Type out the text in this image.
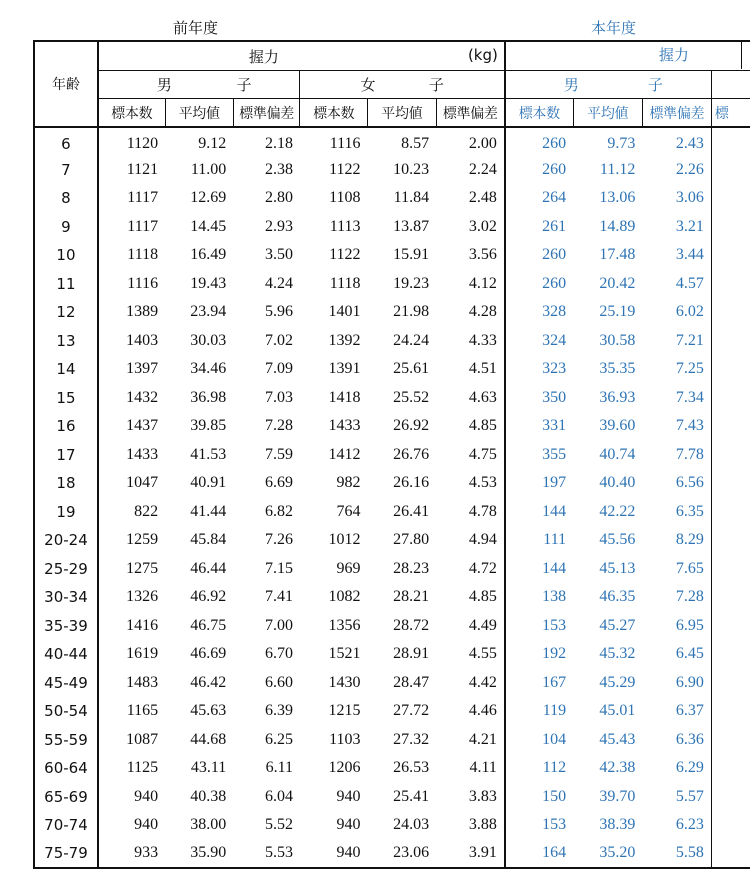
前年度	本年度
年齢	握力 (kg)						握力			

	男 子			女 子			男 子			

	標本数	平均値	標準偏差	標本数	平均値	標準偏差	標本数	平均値	標準偏差	標
6	1120	9.12	2.18	1116	8.57	2.00	260	9.73	2.43	
7	1121	11.00	2.38	1122	10.23	2.24	260	11.12	2.26	
8	1117	12.69	2.80	1108	11.84	2.48	264	13.06	3.06	
9	1117	14.45	2.93	1113	13.87	3.02	261	14.89	3.21	
10	1118	16.49	3.50	1122	15.91	3.56	260	17.48	3.44	
11	1116	19.43	4.24	1118	19.23	4.12	260	20.42	4.57	
12	1389	23.94	5.96	1401	21.98	4.28	328	25.19	6.02	
13	1403	30.03	7.02	1392	24.24	4.33	324	30.58	7.21	
14	1397	34.46	7.09	1391	25.61	4.51	323	35.35	7.25	
15	1432	36.98	7.03	1418	25.52	4.63	350	36.93	7.34	
16	1437	39.85	7.28	1433	26.92	4.85	331	39.60	7.43	
17	1433	41.53	7.59	1412	26.76	4.75	355	40.74	7.78	
18	1047	40.91	6.69	982	26.16	4.53	197	40.40	6.56	
19	822	41.44	6.82	764	26.41	4.78	144	42.22	6.35	
20-24	1259	45.84	7.26	1012	27.80	4.94	111	45.56	8.29	
25-29	1275	46.44	7.15	969	28.23	4.72	144	45.13	7.65	
30-34	1326	46.92	7.41	1082	28.21	4.85	138	46.35	7.28	
35-39	1416	46.75	7.00	1356	28.72	4.49	153	45.27	6.95	
40-44	1619	46.69	6.70	1521	28.91	4.55	192	45.32	6.45	
45-49	1483	46.42	6.60	1430	28.47	4.42	167	45.29	6.90	
50-54	1165	45.63	6.39	1215	27.72	4.46	119	45.01	6.37	
55-59	1087	44.68	6.25	1103	27.32	4.21	104	45.43	6.36	
60-64	1125	43.11	6.11	1206	26.53	4.11	112	42.38	6.29	
65-69	940	40.38	6.04	940	25.41	3.83	150	39.70	5.57	
70-74	940	38.00	5.52	940	24.03	3.88	153	38.39	6.23	
75-79	933	35.90	5.53	940	23.06	3.91	164	35.20	5.58	
